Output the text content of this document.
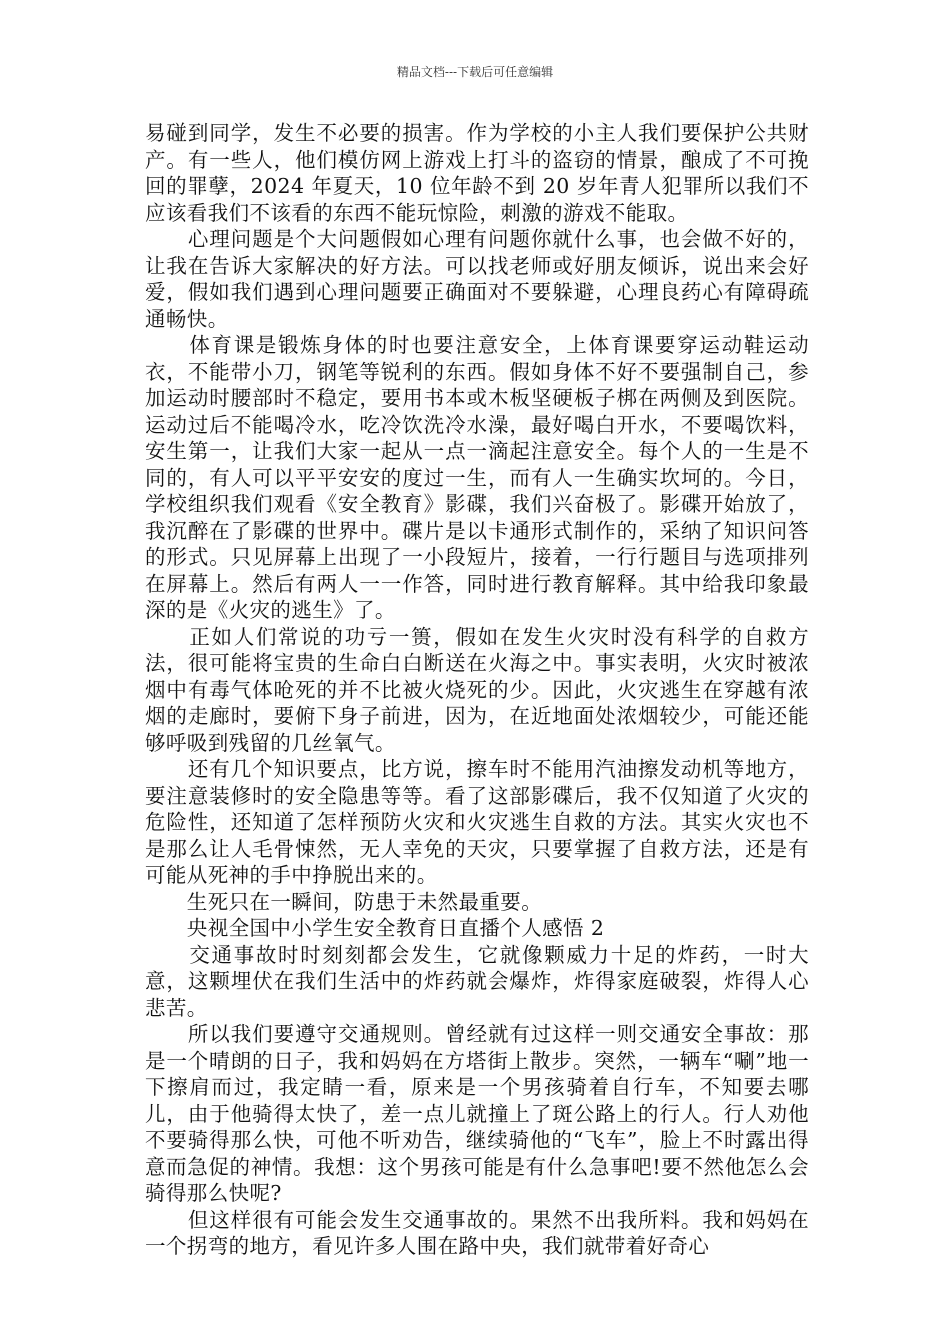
精品文档---下载后可任意编辑

易碰到同学，发生不必要的损害。作为学校的小主人我们要保护公共财产。有一些人，他们模仿网上游戏上打斗的盗窃的情景，酿成了不可挽回的罪孽，2024 年夏天，10 位年龄不到 20 岁年青人犯罪所以我们不应该看我们不该看的东西不能玩惊险，刺激的游戏不能取。

　　心理问题是个大问题假如心理有问题你就什么事，也会做不好的，让我在告诉大家解决的好方法。可以找老师或好朋友倾诉，说出来会好爱，假如我们遇到心理问题要正确面对不要躲避，心理良药心有障碍疏通畅快。

　　体育课是锻炼身体的时也要注意安全，上体育课要穿运动鞋运动衣，不能带小刀，钢笔等锐利的东西。假如身体不好不要强制自己，参加运动时腰部时不稳定，要用书本或木板坚硬板子梆在两侧及到医院。运动过后不能喝冷水，吃冷饮洗冷水澡，最好喝白开水，不要喝饮料，安生第一，让我们大家一起从一点一滴起注意安全。每个人的一生是不同的，有人可以平平安安的度过一生，而有人一生确实坎坷的。今日，学校组织我们观看《安全教育》影碟，我们兴奋极了。影碟开始放了，我沉醉在了影碟的世界中。碟片是以卡通形式制作的，采纳了知识问答的形式。只见屏幕上出现了一小段短片，接着，一行行题目与选项排列在屏幕上。然后有两人一一作答，同时进行教育解释。其中给我印象最深的是《火灾的逃生》了。

　　正如人们常说的功亏一篑，假如在发生火灾时没有科学的自救方法，很可能将宝贵的生命白白断送在火海之中。事实表明，火灾时被浓烟中有毒气体呛死的并不比被火烧死的少。因此，火灾逃生在穿越有浓烟的走廊时，要俯下身子前进，因为，在近地面处浓烟较少，可能还能够呼吸到残留的几丝氧气。

　　还有几个知识要点，比方说，擦车时不能用汽油擦发动机等地方，要注意装修时的安全隐患等等。看了这部影碟后，我不仅知道了火灾的危险性，还知道了怎样预防火灾和火灾逃生自救的方法。其实火灾也不是那么让人毛骨悚然，无人幸免的天灾，只要掌握了自救方法，还是有可能从死神的手中挣脱出来的。

　　生死只在一瞬间，防患于未然最重要。

　　央视全国中小学生安全教育日直播个人感悟 2

　　交通事故时时刻刻都会发生，它就像颗威力十足的炸药，一时大意，这颗埋伏在我们生活中的炸药就会爆炸，炸得家庭破裂，炸得人心悲苦。

　　所以我们要遵守交通规则。曾经就有过这样一则交通安全事故：那是一个晴朗的日子，我和妈妈在方塔街上散步。突然，一辆车“唰”地一下擦肩而过，我定睛一看，原来是一个男孩骑着自行车，不知要去哪儿，由于他骑得太快了，差一点儿就撞上了斑公路上的行人。行人劝他不要骑得那么快，可他不听劝告，继续骑他的“飞车”，脸上不时露出得意而急促的神情。我想：这个男孩可能是有什么急事吧!要不然他怎么会骑得那么快呢?

　　但这样很有可能会发生交通事故的。果然不出我所料。我和妈妈在一个拐弯的地方，看见许多人围在路中央，我们就带着好奇心
